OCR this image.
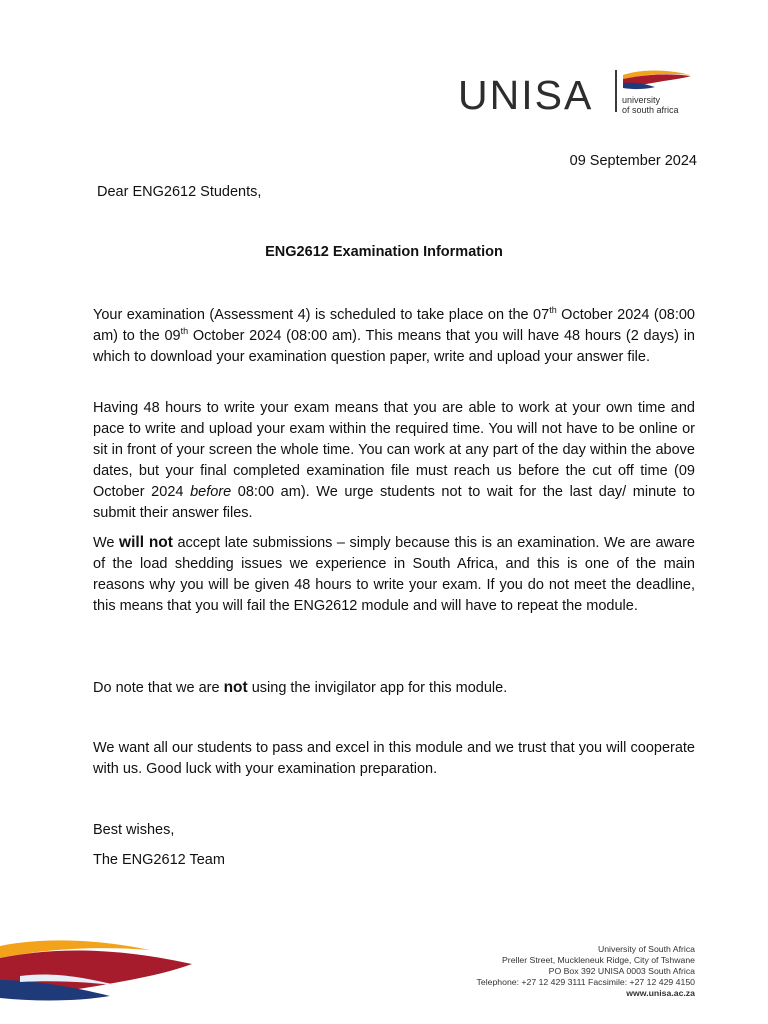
UNISA	university
of south africa
09 September 2024
Dear ENG2612 Students,
ENG2612 Examination Information

Your examination (Assessment 4) is scheduled to take place on the 07th October 2024 (08:00 am) to the 09th October 2024 (08:00 am). This means that you will have 48 hours (2 days) in which to download your examination question paper, write and upload your answer file.

Having 48 hours to write your exam means that you are able to work at your own time and pace to write and upload your exam within the required time. You will not have to be online or sit in front of your screen the whole time. You can work at any part of the day within the above dates, but your final completed examination file must reach us before the cut off time (09 October 2024 before 08:00 am). We urge students not to wait for the last day/ minute to submit their answer files.

We will not accept late submissions – simply because this is an examination. We are aware of the load shedding issues we experience in South Africa, and this is one of the main reasons why you will be given 48 hours to write your exam. If you do not meet the deadline, this means that you will fail the ENG2612 module and will have to repeat the module.

Do note that we are not using the invigilator app for this module.

We want all our students to pass and excel in this module and we trust that you will cooperate with us. Good luck with your examination preparation.

Best wishes,

The ENG2612 Team

University of South Africa
Preller Street, Muckleneuk Ridge, City of Tshwane
PO Box 392 UNISA 0003 South Africa
Telephone: +27 12 429 3111 Facsimile: +27 12 429 4150
www.unisa.ac.za
